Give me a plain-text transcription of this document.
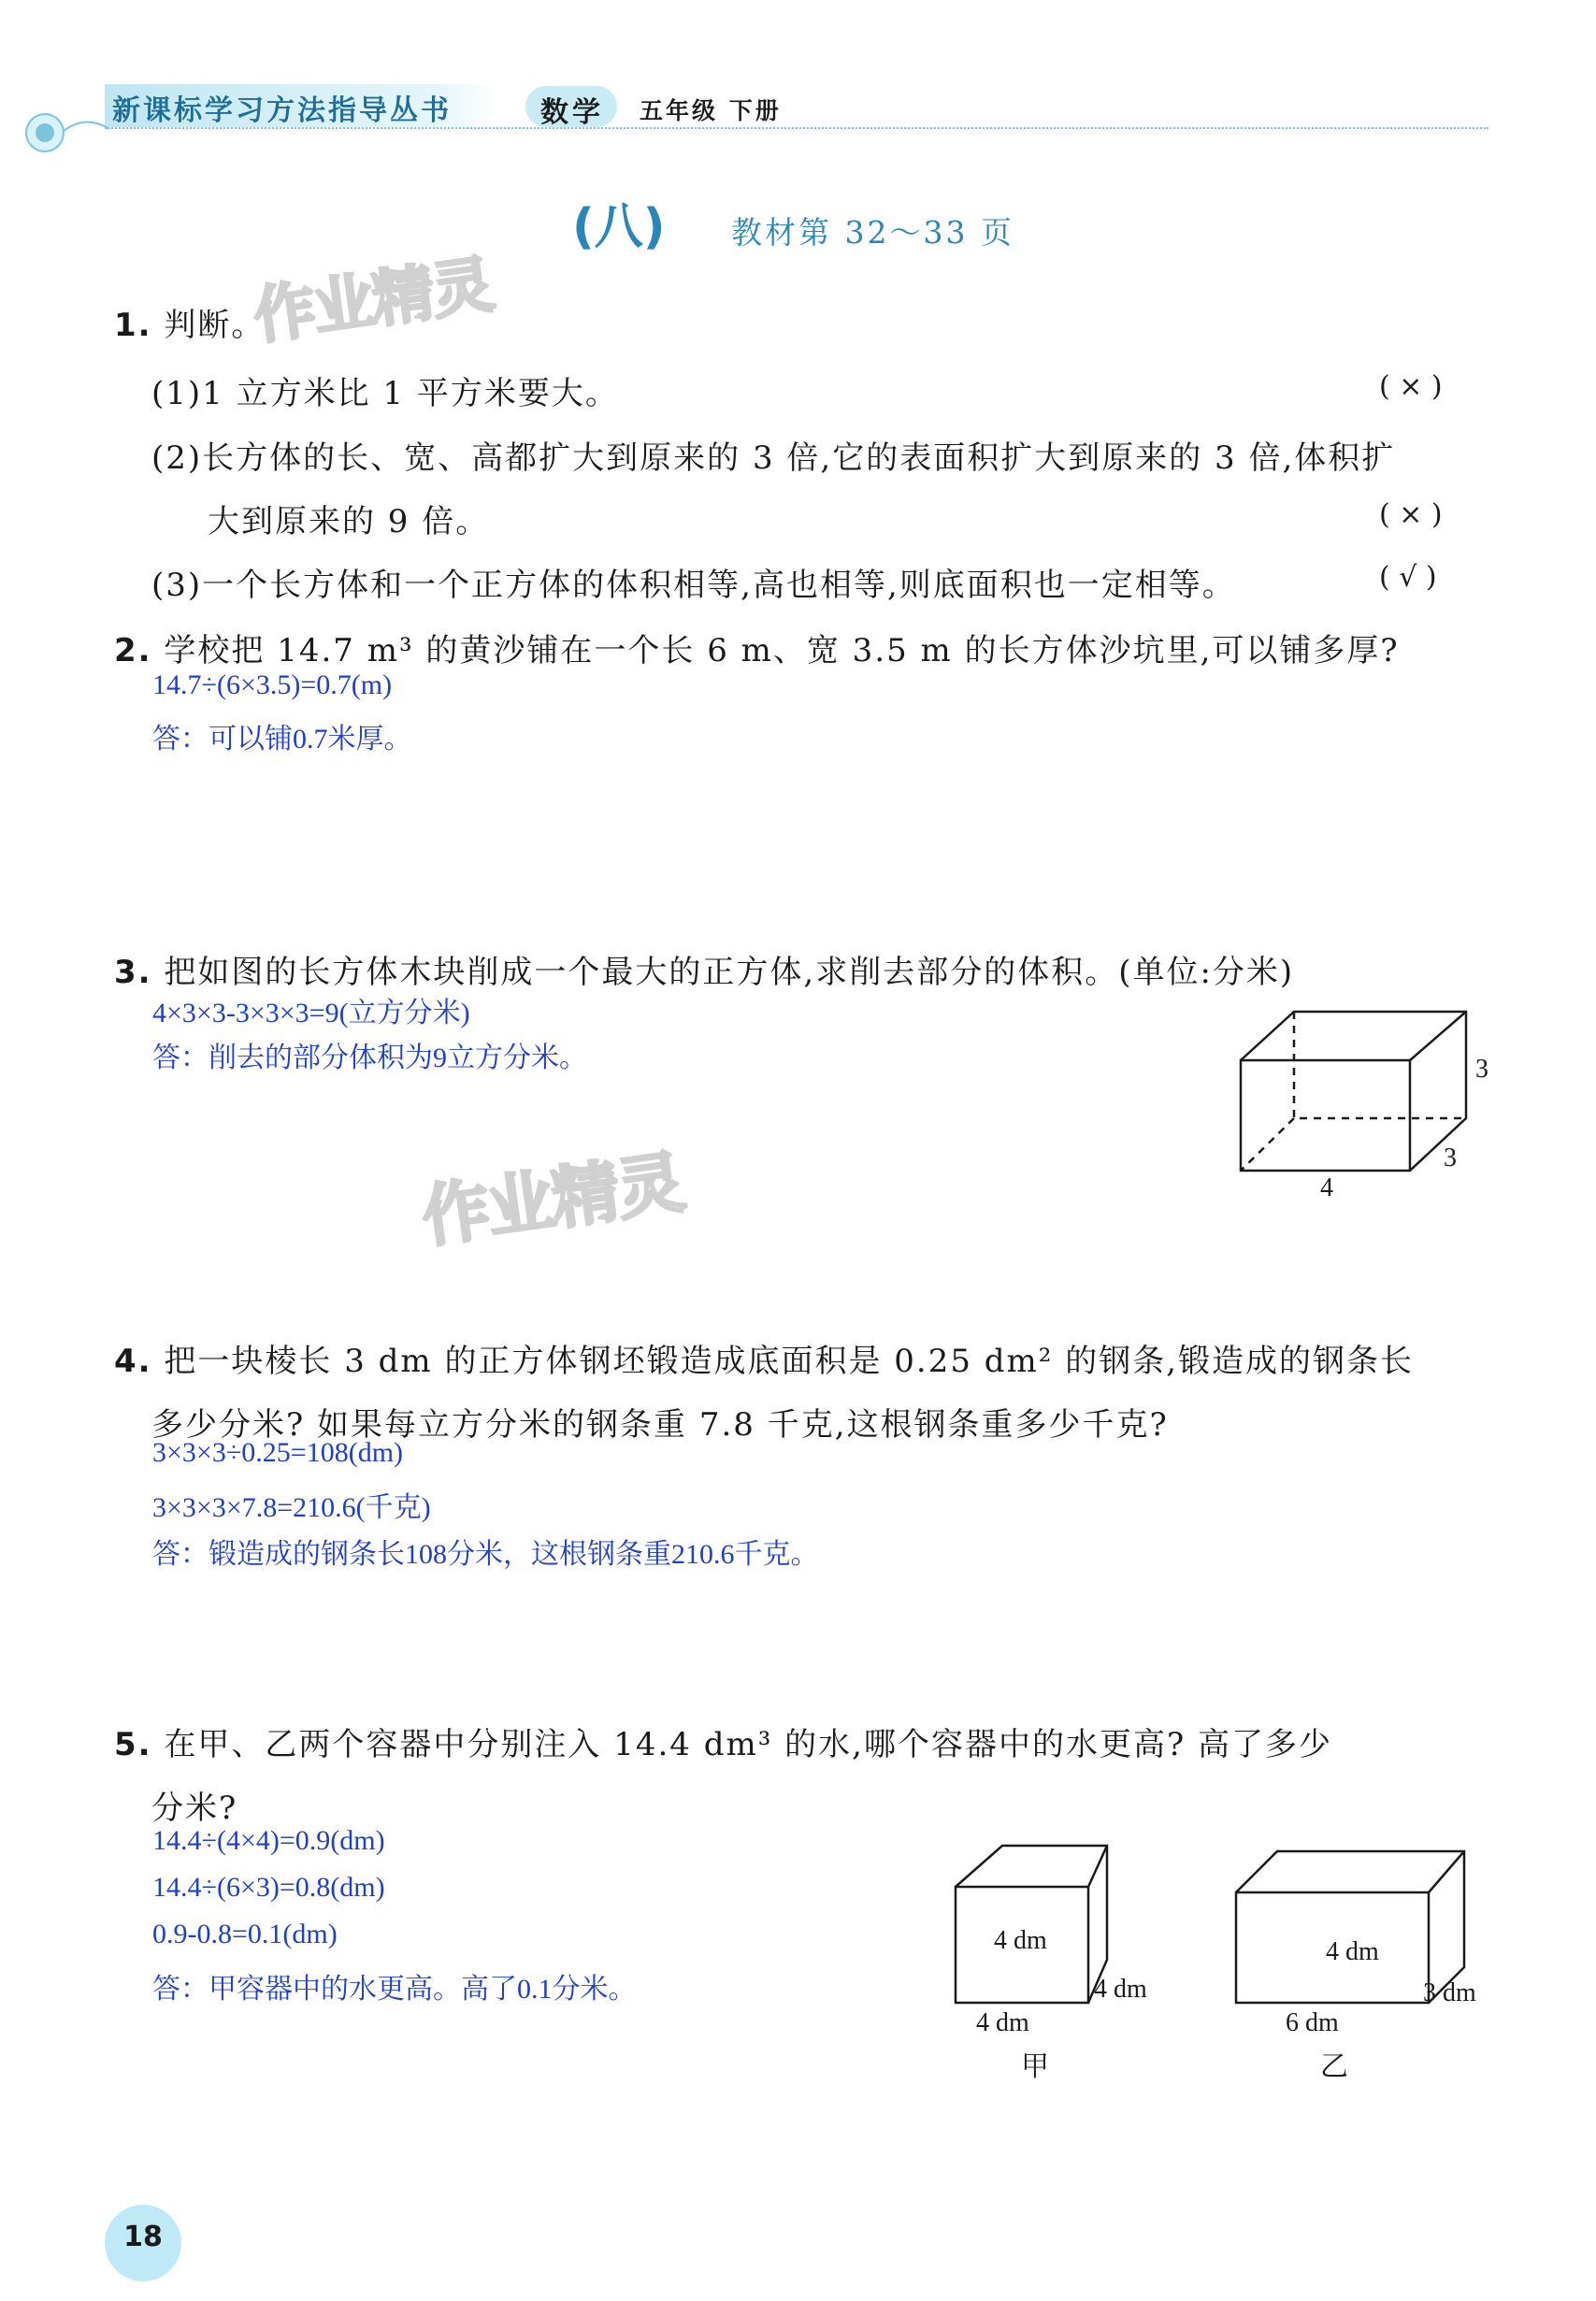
新课标学习方法指导丛书	数学 五年级 下册
(八) 教材第 32～33 页
作业精灵
作业精灵
1. 判断。
(1)1 立方米比 1 平方米要大。	( × )
(2)长方体的长、宽、高都扩大到原来的 3 倍,它的表面积扩大到原来的 3 倍,体积扩
大到原来的 9 倍。	( × )
(3)一个长方体和一个正方体的体积相等,高也相等,则底面积也一定相等。	( √ )
2. 学校把 14.7 m³ 的黄沙铺在一个长 6 m、宽 3.5 m 的长方体沙坑里,可以铺多厚?
14.7÷(6×3.5)=0.7(m)
答：可以铺0.7米厚。
3. 把如图的长方体木块削成一个最大的正方体,求削去部分的体积。(单位:分米)
4×3×3-3×3×3=9(立方分米)
答：削去的部分体积为9立方分米。	3
3
4
4. 把一块棱长 3 dm 的正方体钢坯锻造成底面积是 0.25 dm² 的钢条,锻造成的钢条长
多少分米? 如果每立方分米的钢条重 7.8 千克,这根钢条重多少千克?
3×3×3÷0.25=108(dm)
3×3×3×7.8=210.6(千克)
答：锻造成的钢条长108分米，这根钢条重210.6千克。
5. 在甲、乙两个容器中分别注入 14.4 dm³ 的水,哪个容器中的水更高? 高了多少
分米?
14.4÷(4×4)=0.9(dm)
14.4÷(6×3)=0.8(dm)
0.9-0.8=0.1(dm)
答：甲容器中的水更高。高了0.1分米。
4 dm
4 dm
4 dm
甲
4 dm
3 dm
6 dm
乙
18
